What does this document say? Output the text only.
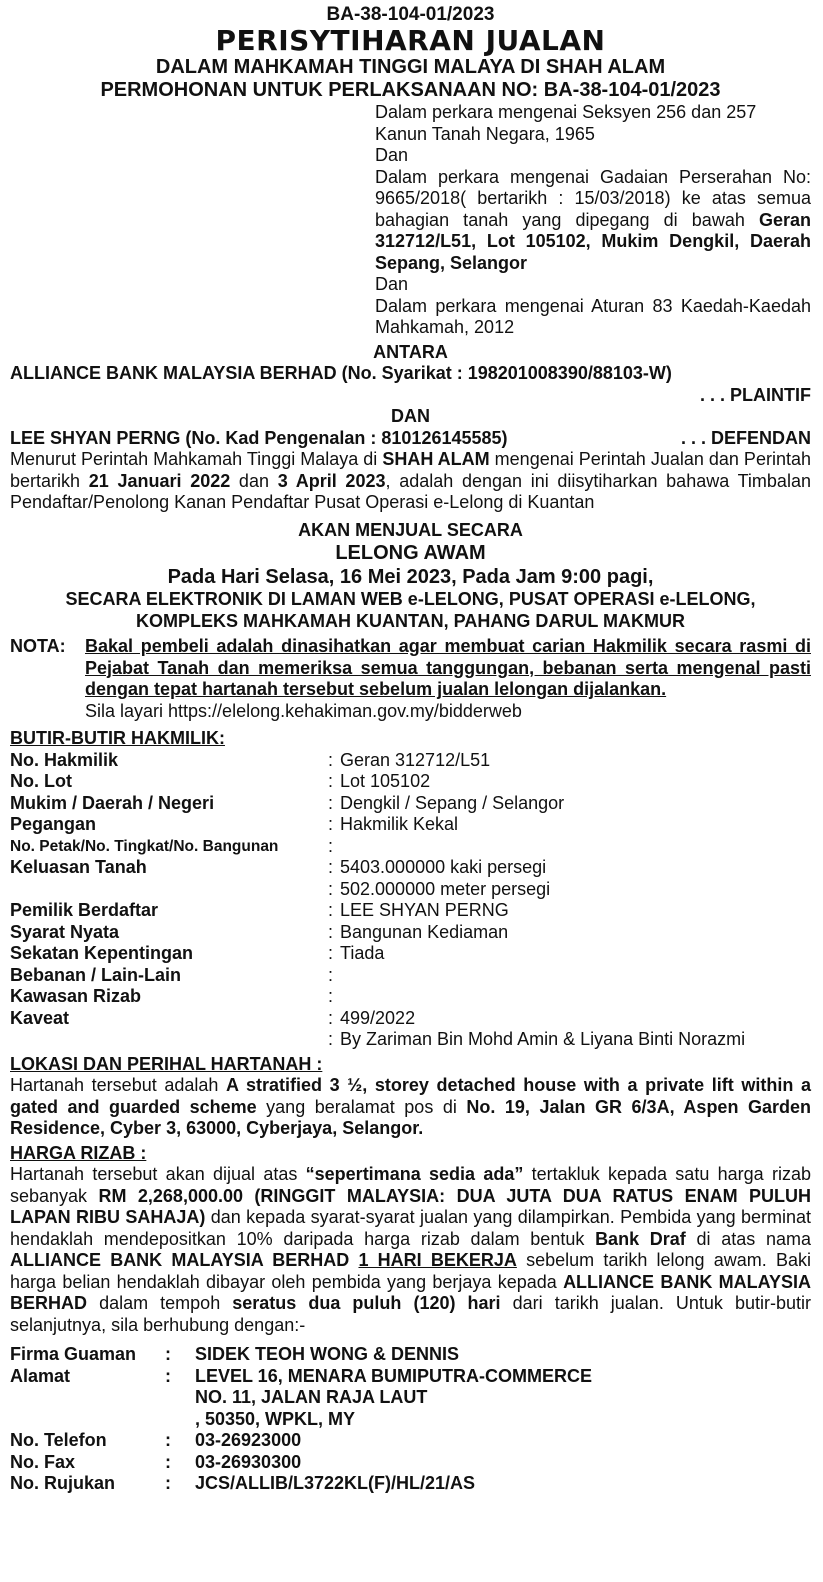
BA-38-104-01/2023
PERISYTIHARAN JUALAN
DALAM MAHKAMAH TINGGI MALAYA DI SHAH ALAM
PERMOHONAN UNTUK PERLAKSANAAN NO: BA-38-104-01/2023
Dalam perkara mengenai Seksyen 256 dan 257
Kanun Tanah Negara, 1965
Dan
Dalam perkara mengenai Gadaian Perserahan No: 9665/2018( bertarikh : 15/03/2018) ke atas semua bahagian tanah yang dipegang di bawah Geran 312712/L51, Lot 105102, Mukim Dengkil, Daerah Sepang, Selangor
Dan
Dalam perkara mengenai Aturan 83 Kaedah-Kaedah Mahkamah, 2012
ANTARA
ALLIANCE BANK MALAYSIA BERHAD (No. Syarikat : 198201008390/88103-W)
. . . PLAINTIF
DAN
LEE SHYAN PERNG (No. Kad Pengenalan : 810126145585)	. . . DEFENDAN
Menurut Perintah Mahkamah Tinggi Malaya di SHAH ALAM mengenai Perintah Jualan dan Perintah bertarikh 21 Januari 2022 dan 3 April 2023, adalah dengan ini diisytiharkan bahawa Timbalan Pendaftar/Penolong Kanan Pendaftar Pusat Operasi e-Lelong di Kuantan
AKAN MENJUAL SECARA
LELONG AWAM
Pada Hari Selasa, 16 Mei 2023, Pada Jam 9:00 pagi,
SECARA ELEKTRONIK DI LAMAN WEB e-LELONG, PUSAT OPERASI e-LELONG,
KOMPLEKS MAHKAMAH KUANTAN, PAHANG DARUL MAKMUR
NOTA:	Bakal pembeli adalah dinasihatkan agar membuat carian Hakmilik secara rasmi di Pejabat Tanah dan memeriksa semua tanggungan, bebanan serta mengenal pasti dengan tepat hartanah tersebut sebelum jualan lelongan dijalankan.
Sila layari https://elelong.kehakiman.gov.my/bidderweb
BUTIR-BUTIR HAKMILIK:
No. Hakmilik	:	Geran 312712/L51
No. Lot	:	Lot 105102
Mukim / Daerah / Negeri	:	Dengkil / Sepang / Selangor
Pegangan	:	Hakmilik Kekal
No. Petak/No. Tingkat/No. Bangunan	:	
Keluasan Tanah	:	5403.000000 kaki persegi
	:	502.000000 meter persegi
Pemilik Berdaftar	:	LEE SHYAN PERNG
Syarat Nyata	:	Bangunan Kediaman
Sekatan Kepentingan	:	Tiada
Bebanan / Lain-Lain	:	
Kawasan Rizab	:	
Kaveat	:	499/2022
	:	By Zariman Bin Mohd Amin & Liyana Binti Norazmi
LOKASI DAN PERIHAL HARTANAH :
Hartanah tersebut adalah A stratified 3 ½, storey detached house with a private lift within a gated and guarded scheme yang beralamat pos di No. 19, Jalan GR 6/3A, Aspen Garden Residence, Cyber 3, 63000, Cyberjaya, Selangor.
HARGA RIZAB :
Hartanah tersebut akan dijual atas “sepertimana sedia ada” tertakluk kepada satu harga rizab sebanyak RM 2,268,000.00 (RINGGIT MALAYSIA: DUA JUTA DUA RATUS ENAM PULUH LAPAN RIBU SAHAJA) dan kepada syarat-syarat jualan yang dilampirkan. Pembida yang berminat hendaklah mendepositkan 10% daripada harga rizab dalam bentuk Bank Draf di atas nama ALLIANCE BANK MALAYSIA BERHAD 1 HARI BEKERJA sebelum tarikh lelong awam. Baki harga belian hendaklah dibayar oleh pembida yang berjaya kepada ALLIANCE BANK MALAYSIA BERHAD dalam tempoh seratus dua puluh (120) hari dari tarikh jualan. Untuk butir-butir selanjutnya, sila berhubung dengan:-
Firma Guaman	:	SIDEK TEOH WONG & DENNIS
Alamat	:	LEVEL 16, MENARA BUMIPUTRA-COMMERCE
		NO. 11, JALAN RAJA LAUT
		, 50350, WPKL, MY
No. Telefon	:	03-26923000
No. Fax	:	03-26930300
No. Rujukan	:	JCS/ALLIB/L3722KL(F)/HL/21/AS
